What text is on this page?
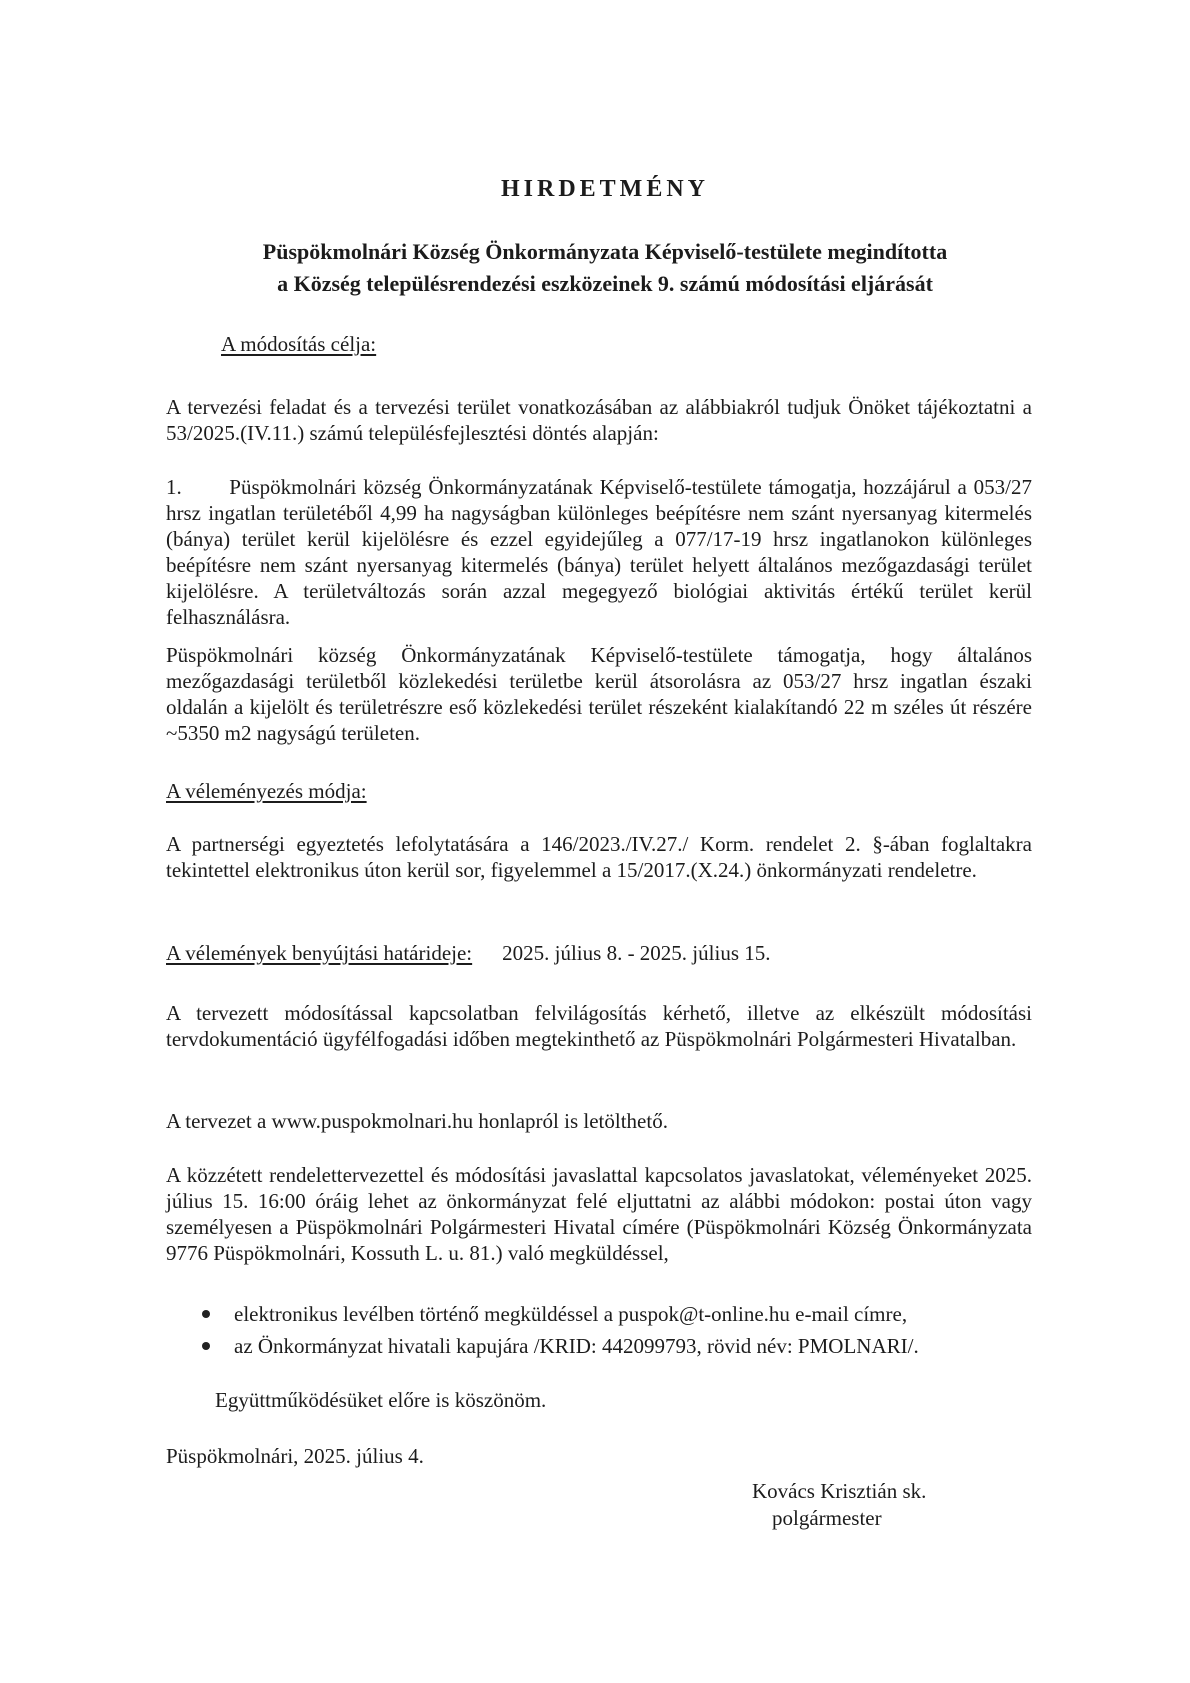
HIRDETMÉNY
Püspökmolnári Község Önkormányzata Képviselő-testülete megindította
a Község településrendezési eszközeinek 9. számú módosítási eljárását
A módosítás célja:
A tervezési feladat és a tervezési terület vonatkozásában az alábbiakról tudjuk Önöket tájékoztatni a 53/2025.(IV.11.) számú településfejlesztési döntés alapján:
1.       Püspökmolnári község Önkormányzatának Képviselő-testülete támogatja, hozzájárul a 053/27 hrsz ingatlan területéből 4,99 ha nagyságban különleges beépítésre nem szánt nyersanyag kitermelés (bánya) terület kerül kijelölésre és ezzel egyidejűleg a 077/17-19 hrsz ingatlanokon különleges beépítésre nem szánt nyersanyag kitermelés (bánya) terület helyett általános mezőgazdasági terület kijelölésre. A területváltozás során azzal megegyező biológiai aktivitás értékű terület kerül felhasználásra.
Püspökmolnári község Önkormányzatának Képviselő-testülete támogatja, hogy általános mezőgazdasági területből közlekedési területbe kerül átsorolásra az 053/27 hrsz ingatlan északi oldalán a kijelölt és területrészre eső közlekedési terület részeként kialakítandó 22 m széles út részére ~5350 m2 nagyságú területen.
A véleményezés módja:
A partnerségi egyeztetés lefolytatására a 146/2023./IV.27./ Korm. rendelet 2. §-ában foglaltakra tekintettel elektronikus úton kerül sor, figyelemmel a 15/2017.(X.24.) önkormányzati rendeletre.
A vélemények benyújtási határideje: 2025. július 8. - 2025. július 15.
A tervezett módosítással kapcsolatban felvilágosítás kérhető, illetve az elkészült módosítási tervdokumentáció ügyfélfogadási időben megtekinthető az Püspökmolnári Polgármesteri Hivatalban.
A tervezet a www.puspokmolnari.hu honlapról is letölthető.
A közzétett rendelettervezettel és módosítási javaslattal kapcsolatos javaslatokat, véleményeket 2025. július 15. 16:00 óráig lehet az önkormányzat felé eljuttatni az alábbi módokon: postai úton vagy személyesen a Püspökmolnári Polgármesteri Hivatal címére (Püspökmolnári Község Önkormányzata 9776 Püspökmolnári, Kossuth L. u. 81.) való megküldéssel,
elektronikus levélben történő megküldéssel a puspok@t-online.hu e-mail címre,
az Önkormányzat hivatali kapujára /KRID: 442099793, rövid név: PMOLNARI/.
Együttműködésüket előre is köszönöm.
Püspökmolnári, 2025. július 4.
Kovács Krisztián sk.
polgármester
